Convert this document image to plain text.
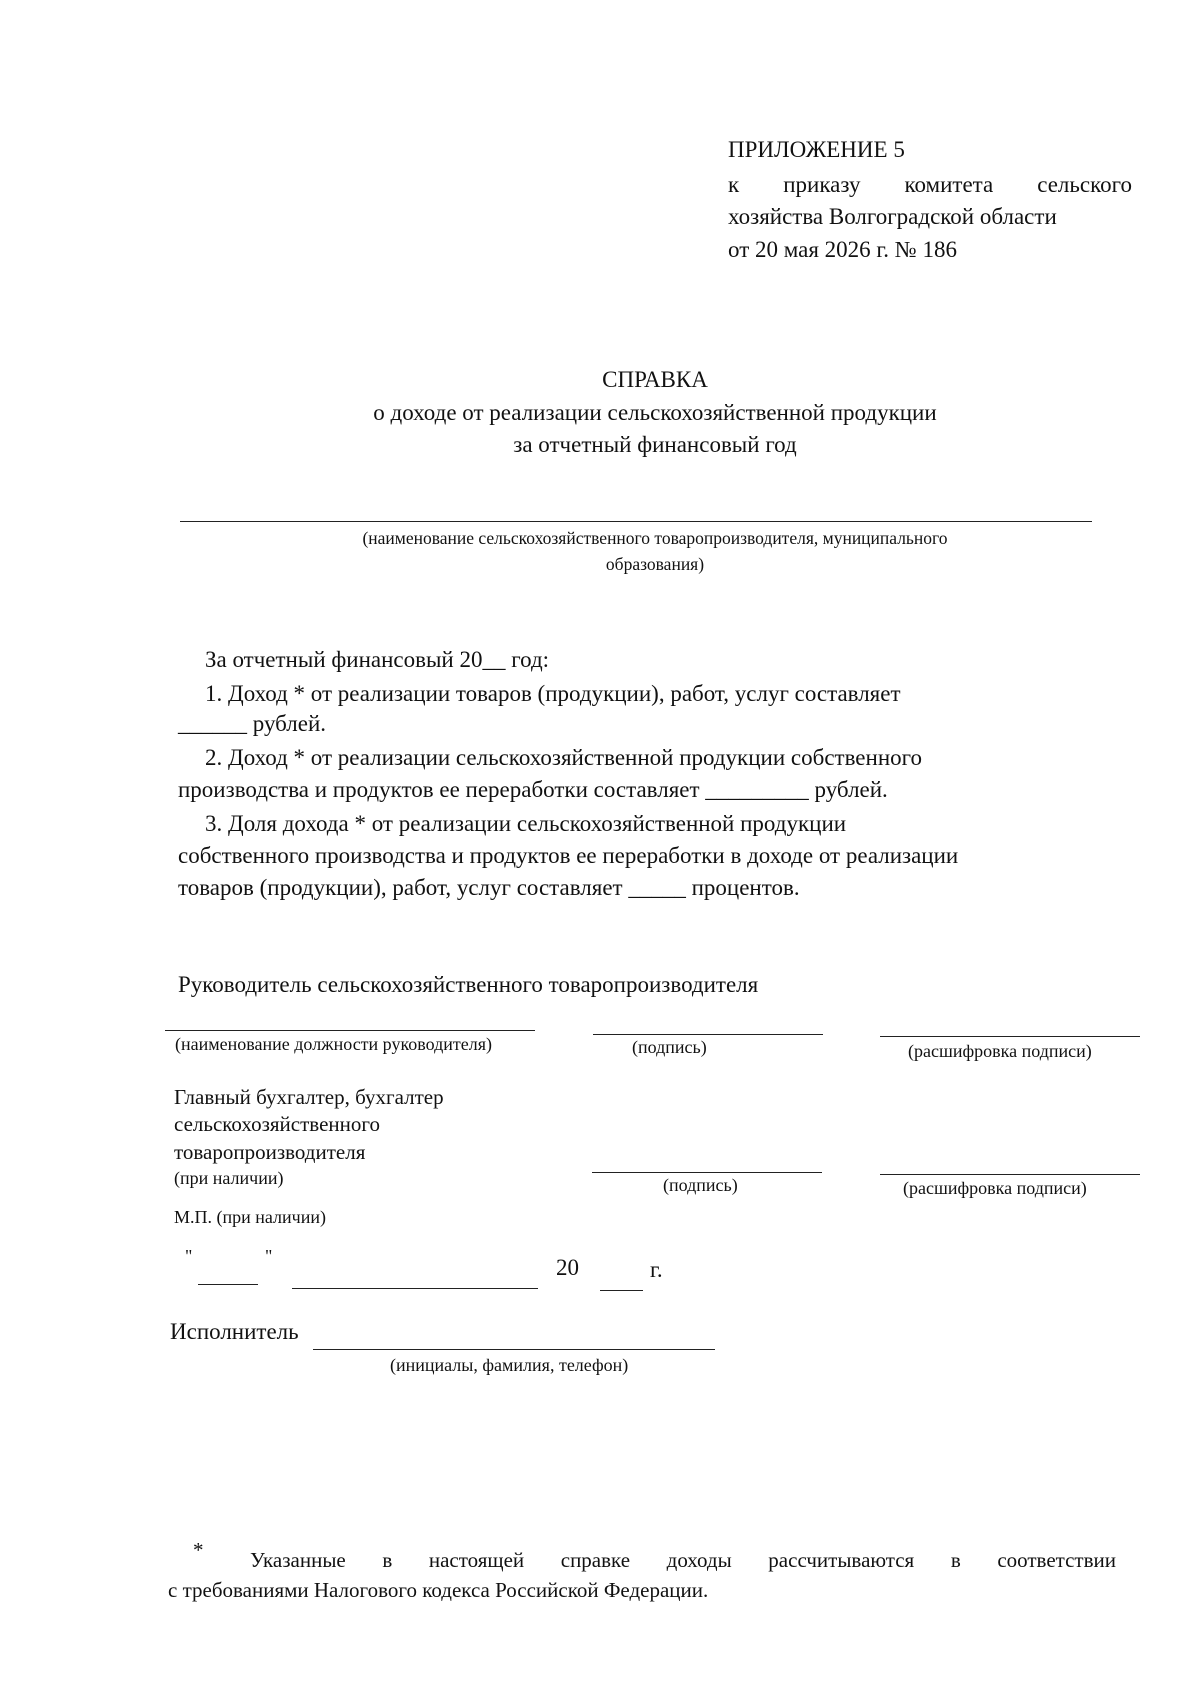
ПРИЛОЖЕНИЕ 5
к приказу комитета сельского
хозяйства Волгоградской области
от 20 мая 2026 г. № 186
СПРАВКА
о доходе от реализации сельскохозяйственной продукции
за отчетный финансовый год
(наименование сельскохозяйственного товаропроизводителя, муниципального
образования)
За отчетный финансовый 20__ год:
1. Доход * от реализации товаров (продукции), работ, услуг составляет
______ рублей.
2. Доход * от реализации сельскохозяйственной продукции собственного
производства и продуктов ее переработки составляет _________ рублей.
3. Доля дохода * от реализации сельскохозяйственной продукции
собственного производства и продуктов ее переработки в доходе от реализации
товаров (продукции), работ, услуг составляет _____ процентов.
Руководитель сельскохозяйственного товаропроизводителя
(наименование должности руководителя)	(подпись)	(расшифровка подписи)
Главный бухгалтер, бухгалтер
сельскохозяйственного
товаропроизводителя
(при наличии)	(подпись)	(расшифровка подписи)
М.П. (при наличии)
"	"	20	г.
Исполнитель
(инициалы, фамилия, телефон)
* Указанные в настоящей справке доходы рассчитываются в соответствии
с требованиями Налогового кодекса Российской Федерации.
